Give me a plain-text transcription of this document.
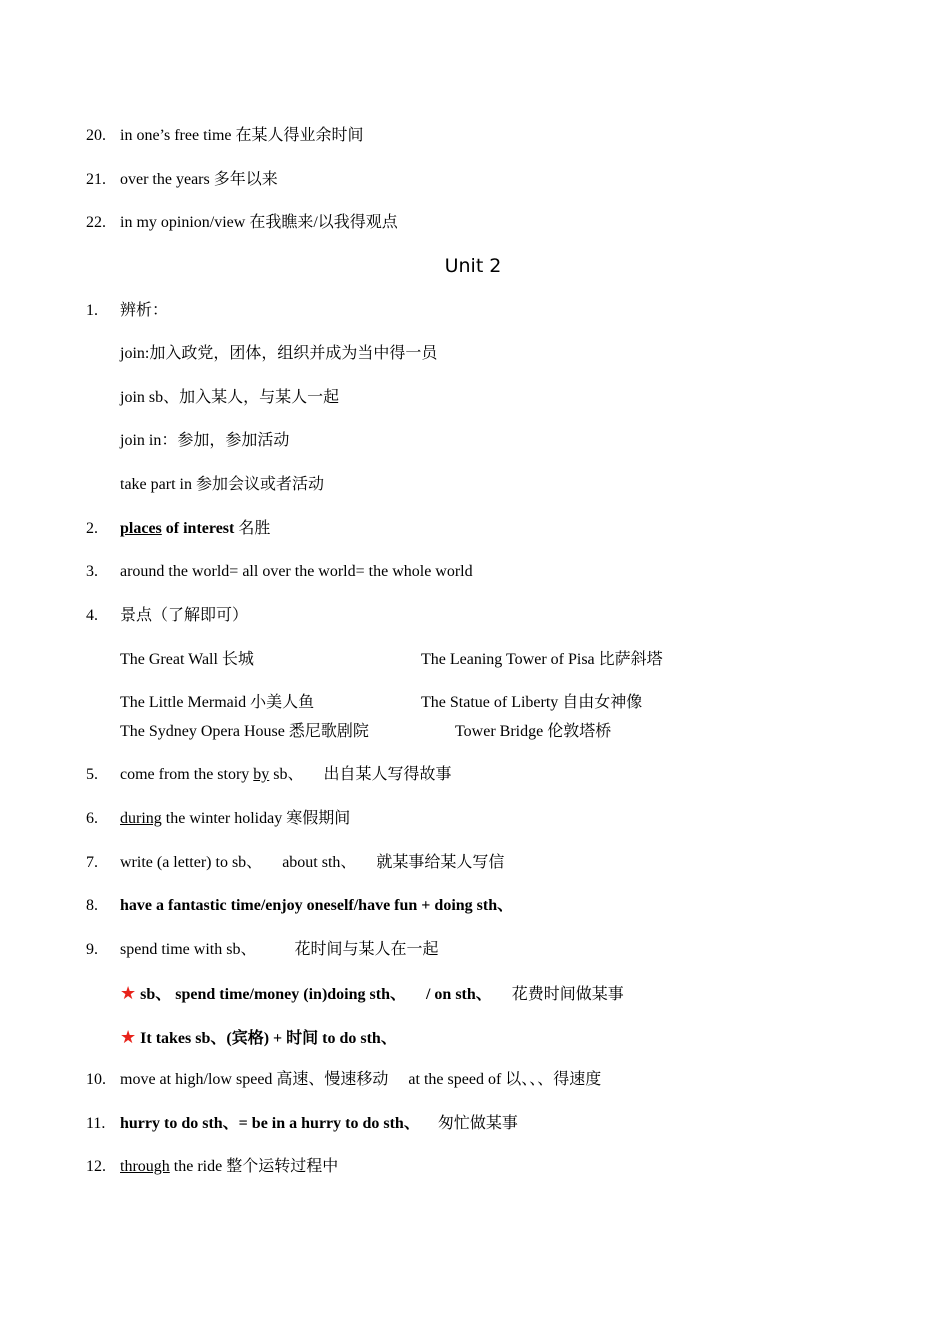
20. in one’s free time 在某人得业余时间
21. over the years 多年以来
22. in my opinion/view 在我瞧来/以我得观点
Unit 2
1. 辨析：
join:加入政党，团体，组织并成为当中得一员
join sb、加入某人，与某人一起
join in：参加，参加活动
take part in 参加会议或者活动
2. places of interest 名胜
3. around the world= all over the world= the whole world
4. 景点（了解即可）
The Great Wall 长城	The Leaning Tower of Pisa 比萨斜塔
The Little Mermaid 小美人鱼	The Statue of Liberty 自由女神像
The Sydney Opera House 悉尼歌剧院	Tower Bridge 伦敦塔桥
5. come from the story by sb、 出自某人写得故事
6. during the winter holiday 寒假期间
7. write (a letter) to sb、 about sth、 就某事给某人写信
8. have a fantastic time/enjoy oneself/have fun + doing sth、
9. spend time with sb、 花时间与某人在一起
★ sb、 spend time/money (in)doing sth、 / on sth、 花费时间做某事
★ It takes sb、(宾格) + 时间 to do sth、
10. move at high/low speed 高速、慢速移动 at the speed of 以、、、得速度
11. hurry to do sth、= be in a hurry to do sth、 匆忙做某事
12. through the ride 整个运转过程中
